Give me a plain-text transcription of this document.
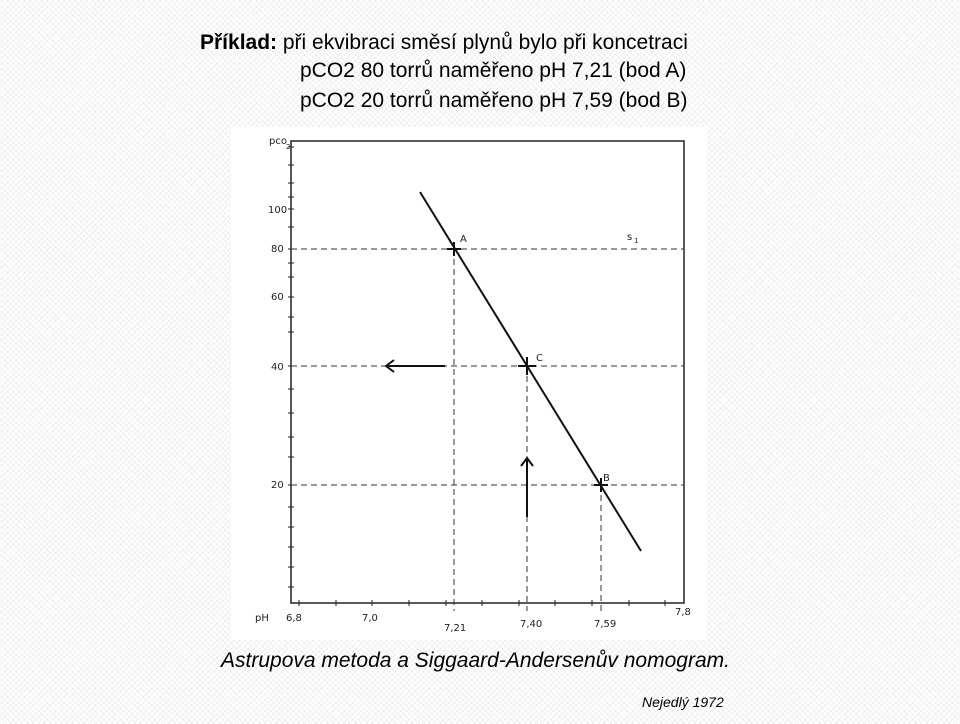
Příklad: při ekvibraci směsí plynů bylo při koncetraci
pCO2 80 torrů naměřeno pH 7,21 (bod A)
pCO2 20 torrů naměřeno pH 7,59 (bod B)
pco 2
pH
100
80
60
40
20
6,8	7,0
7,21	7,40	7,59
7,8
s 1
A
C
B
Astrupova metoda a Siggaard-Andersenův nomogram.
Nejedlý 1972
